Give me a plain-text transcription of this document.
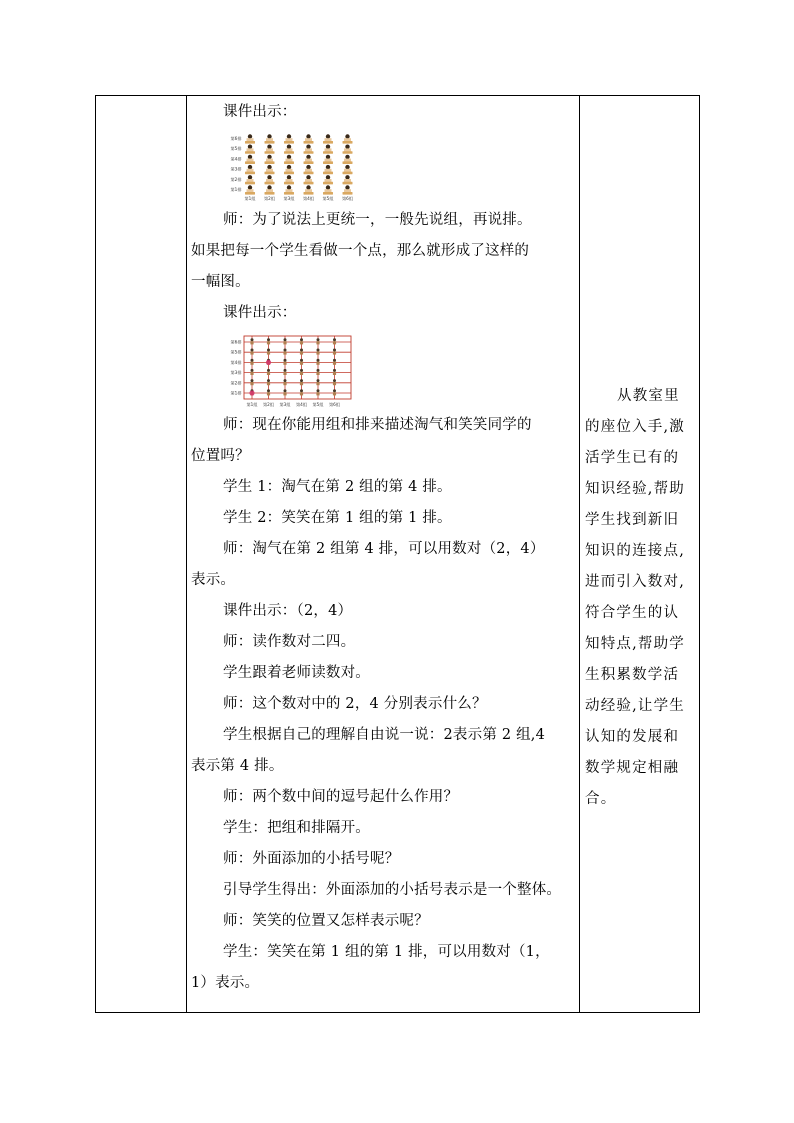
课件出示：
第6排
第5排
第4排
第3排
第2排
第1排
第1组 第2组 第3组 第4组 第5组 第6组
师：为了说法上更统一，一般先说组，再说排。
如果把每一个学生看做一个点，那么就形成了这样的
一幅图。
课件出示：
第6排
第5排
第4排
第3排
第2排
第1排
第1组 第2组 第3组 第4组 第5组 第6组
师：现在你能用组和排来描述淘气和笑笑同学的
位置吗？
学生 1：淘气在第 2 组的第 4 排。
学生 2：笑笑在第 1 组的第 1 排。
师：淘气在第 2 组第 4 排，可以用数对（2，4）
表示。
课件出示：（2，4）
师：读作数对二四。
学生跟着老师读数对。
师：这个数对中的 2，4 分别表示什么？
学生根据自己的理解自由说一说：2表示第 2 组,4
表示第 4 排。
师：两个数中间的逗号起什么作用？
学生：把组和排隔开。
师：外面添加的小括号呢？
引导学生得出：外面添加的小括号表示是一个整体。
师：笑笑的位置又怎样表示呢？
学生：笑笑在第 1 组的第 1 排，可以用数对（1，
1）表示。
从教室里
的座位入手,激
活学生已有的
知识经验,帮助
学生找到新旧
知识的连接点,
进而引入数对,
符合学生的认
知特点,帮助学
生积累数学活
动经验,让学生
认知的发展和
数学规定相融
合。
